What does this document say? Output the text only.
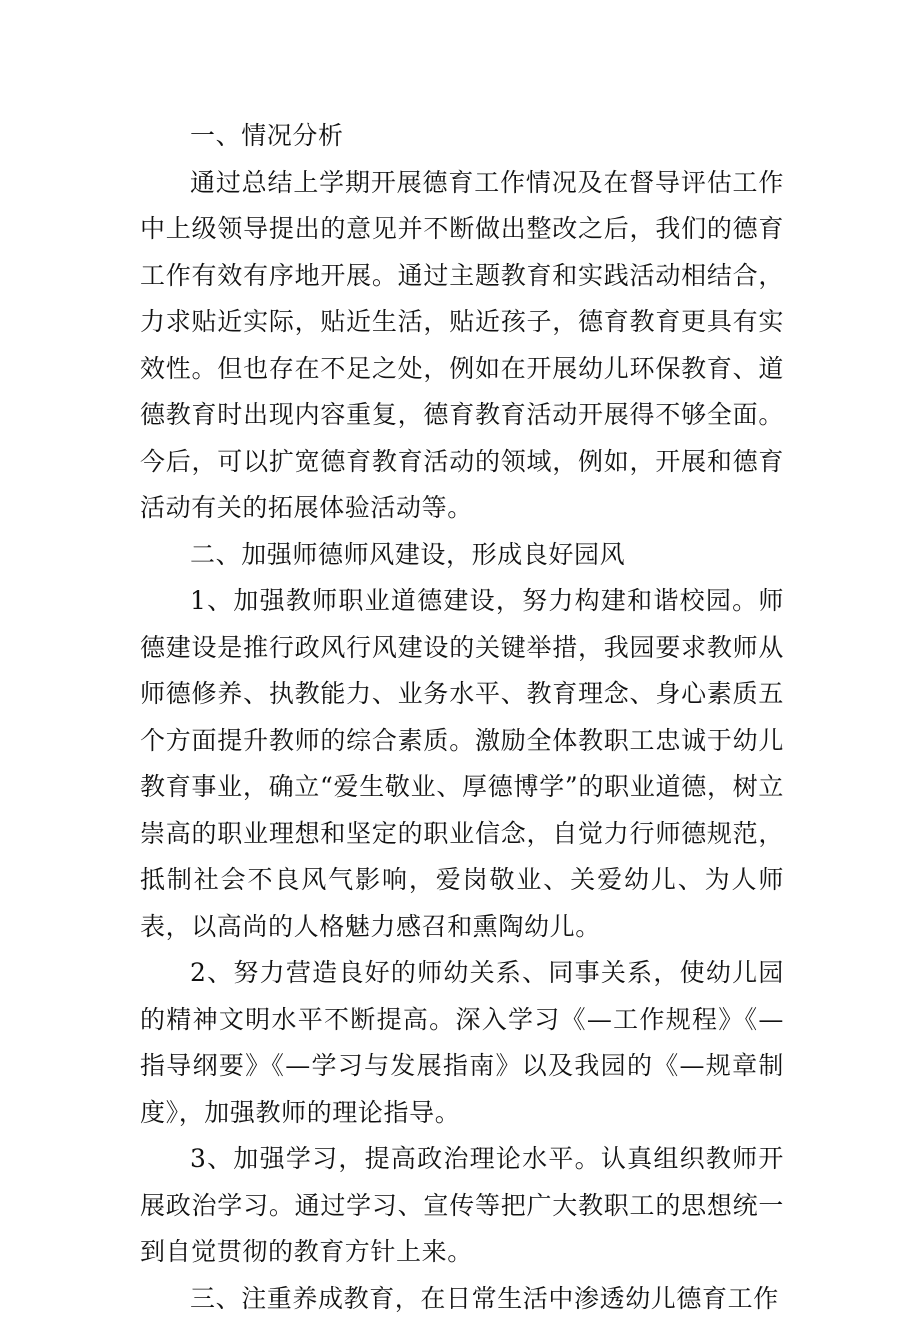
一、情况分析

通过总结上学期开展德育工作情况及在督导评估工作中上级领导提出的意见并不断做出整改之后，我们的德育工作有效有序地开展。通过主题教育和实践活动相结合，力求贴近实际，贴近生活，贴近孩子，德育教育更具有实效性。但也存在不足之处，例如在开展幼儿环保教育、道德教育时出现内容重复，德育教育活动开展得不够全面。今后，可以扩宽德育教育活动的领域，例如，开展和德育活动有关的拓展体验活动等。

二、加强师德师风建设，形成良好园风

1、加强教师职业道德建设，努力构建和谐校园。师德建设是推行政风行风建设的关键举措，我园要求教师从师德修养、执教能力、业务水平、教育理念、身心素质五个方面提升教师的综合素质。激励全体教职工忠诚于幼儿教育事业，确立“爱生敬业、厚德博学”的职业道德，树立崇高的职业理想和坚定的职业信念，自觉力行师德规范，抵制社会不良风气影响，爱岗敬业、关爱幼儿、为人师表，以高尚的人格魅力感召和熏陶幼儿。

2、努力营造良好的师幼关系、同事关系，使幼儿园的精神文明水平不断提高。深入学习《—工作规程》《—指导纲要》《—学习与发展指南》以及我园的《—规章制度》，加强教师的理论指导。

3、加强学习，提高政治理论水平。认真组织教师开展政治学习。通过学习、宣传等把广大教职工的思想统一到自觉贯彻的教育方针上来。

三、注重养成教育，在日常生活中渗透幼儿德育工作
